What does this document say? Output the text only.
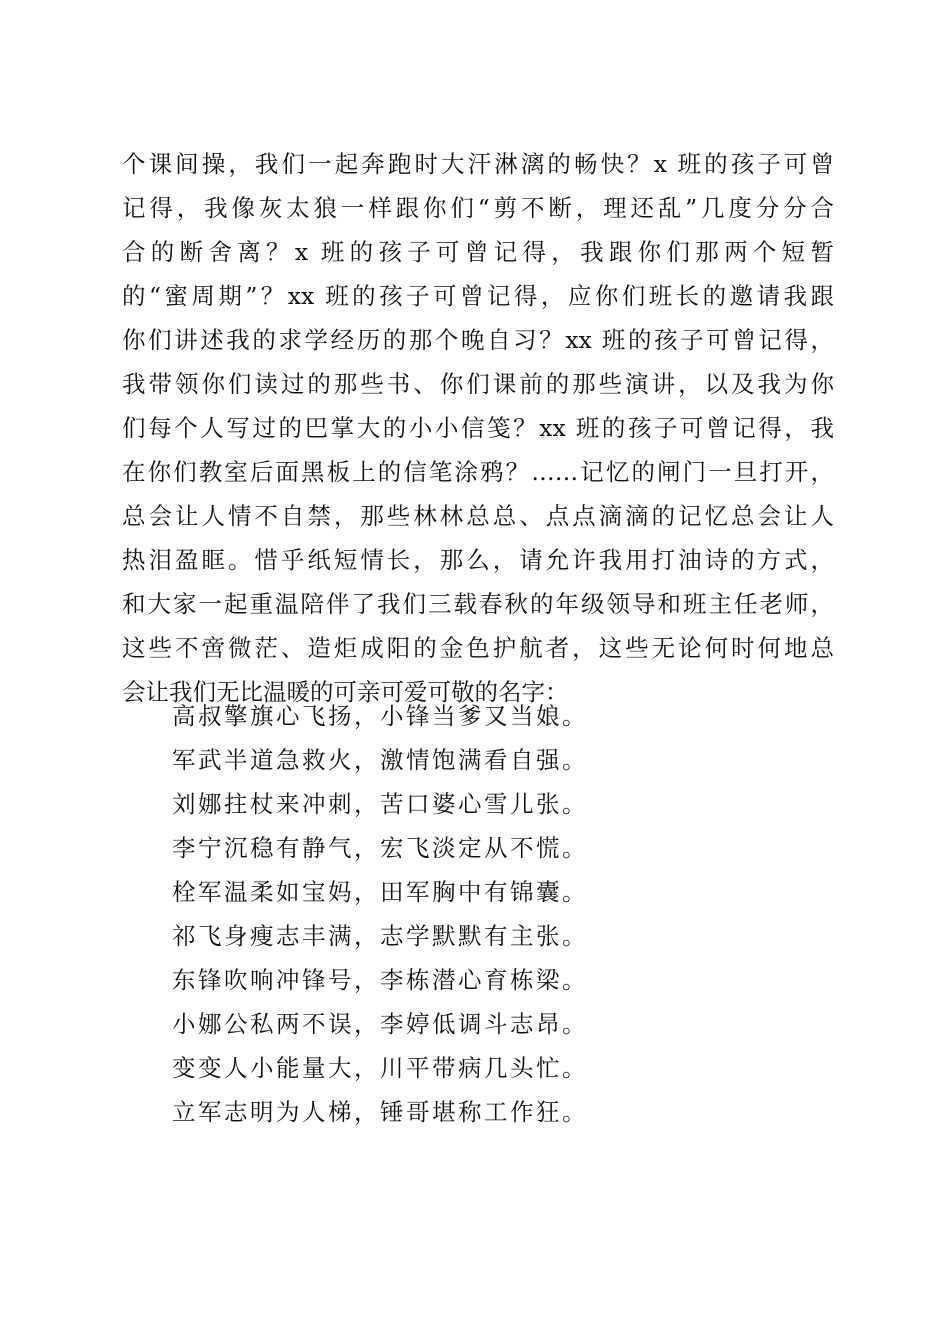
个课间操，我们一起奔跑时大汗淋漓的畅快？x 班的孩子可曾
记得，我像灰太狼一样跟你们“剪不断，理还乱”几度分分合
合的断舍离？x 班的孩子可曾记得，我跟你们那两个短暂
的“蜜周期”？xx 班的孩子可曾记得，应你们班长的邀请我跟
你们讲述我的求学经历的那个晚自习？xx 班的孩子可曾记得，
我带领你们读过的那些书、你们课前的那些演讲，以及我为你
们每个人写过的巴掌大的小小信笺？xx 班的孩子可曾记得，我
在你们教室后面黑板上的信笔涂鸦？……记忆的闸门一旦打开，
总会让人情不自禁，那些林林总总、点点滴滴的记忆总会让人
热泪盈眶。惜乎纸短情长，那么，请允许我用打油诗的方式，
和大家一起重温陪伴了我们三载春秋的年级领导和班主任老师，
这些不啻微茫、造炬成阳的金色护航者，这些无论何时何地总
会让我们无比温暖的可亲可爱可敬的名字：
高叔擎旗心飞扬，小锋当爹又当娘。
军武半道急救火，激情饱满看自强。
刘娜拄杖来冲刺，苦口婆心雪儿张。
李宁沉稳有静气，宏飞淡定从不慌。
栓军温柔如宝妈，田军胸中有锦囊。
祁飞身瘦志丰满，志学默默有主张。
东锋吹响冲锋号，李栋潜心育栋梁。
小娜公私两不误，李婷低调斗志昂。
变变人小能量大，川平带病几头忙。
立军志明为人梯，锤哥堪称工作狂。
